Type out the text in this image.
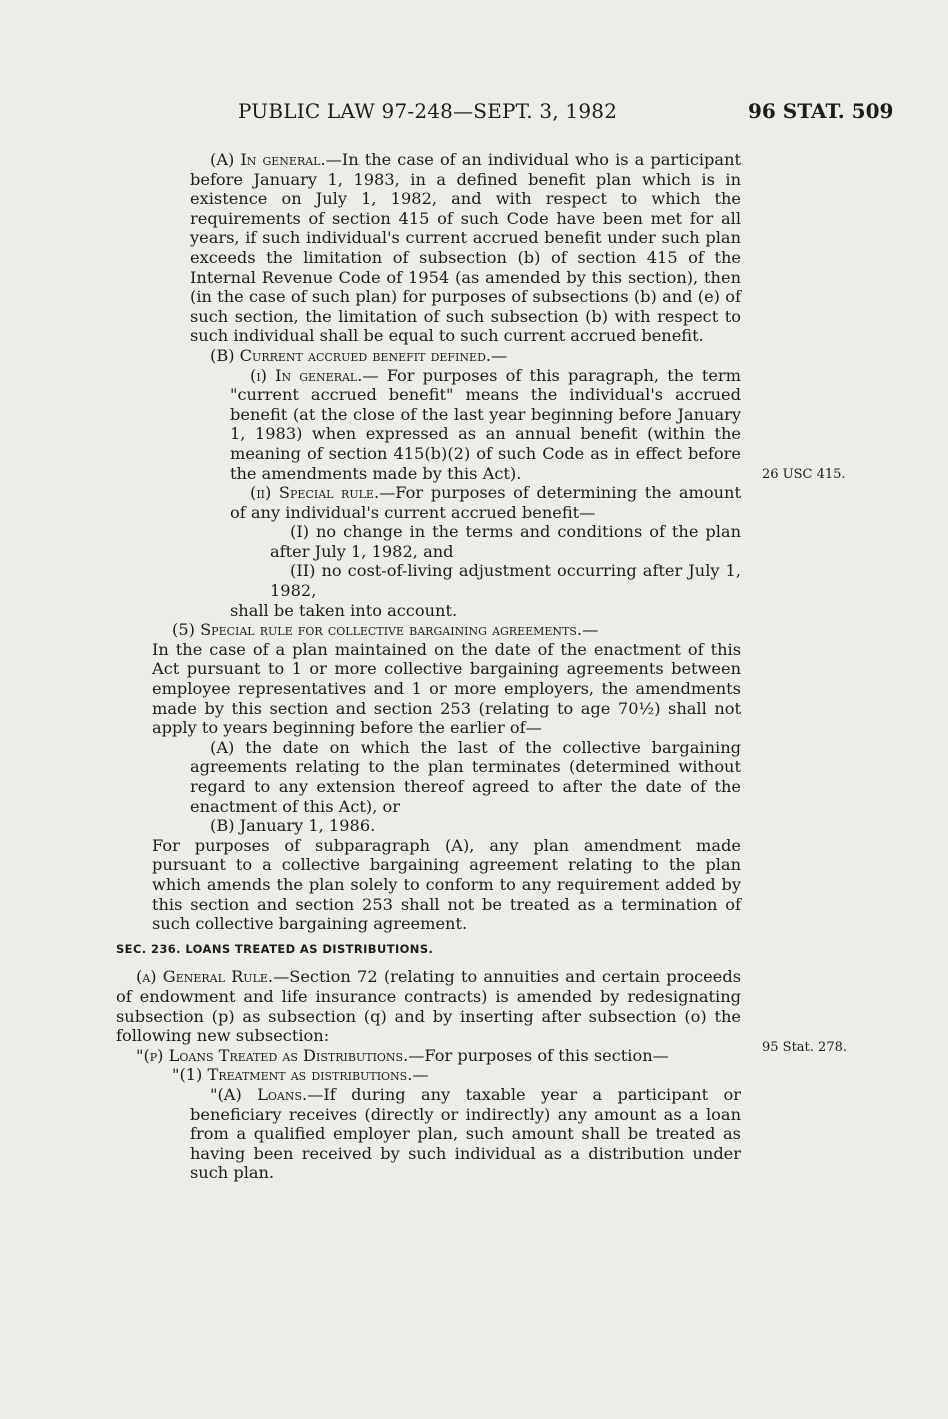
PUBLIC LAW 97-248—SEPT. 3, 1982	96 STAT. 509
26 USC 415.
95 Stat. 278.
(A) In general.—In the case of an individual who is a participant before January 1, 1983, in a defined benefit plan which is in existence on July 1, 1982, and with respect to which the requirements of section 415 of such Code have been met for all years, if such individual's current accrued benefit under such plan exceeds the limitation of subsection (b) of section 415 of the Internal Revenue Code of 1954 (as amended by this section), then (in the case of such plan) for purposes of subsections (b) and (e) of such section, the limitation of such subsection (b) with respect to such individual shall be equal to such current accrued benefit.
(B) Current accrued benefit defined.—
(i) In general.— For purposes of this paragraph, the term "current accrued benefit" means the individual's accrued benefit (at the close of the last year beginning before January 1, 1983) when expressed as an annual benefit (within the meaning of section 415(b)(2) of such Code as in effect before the amendments made by this Act).
(ii) Special rule.—For purposes of determining the amount of any individual's current accrued benefit—
(I) no change in the terms and conditions of the plan after July 1, 1982, and
(II) no cost-of-living adjustment occurring after July 1, 1982,
shall be taken into account.
(5) Special rule for collective bargaining agreements.—
In the case of a plan maintained on the date of the enactment of this Act pursuant to 1 or more collective bargaining agreements between employee representatives and 1 or more employers, the amendments made by this section and section 253 (relating to age 70½) shall not apply to years beginning before the earlier of—
(A) the date on which the last of the collective bargaining agreements relating to the plan terminates (determined without regard to any extension thereof agreed to after the date of the enactment of this Act), or
(B) January 1, 1986.
For purposes of subparagraph (A), any plan amendment made pursuant to a collective bargaining agreement relating to the plan which amends the plan solely to conform to any requirement added by this section and section 253 shall not be treated as a termination of such collective bargaining agreement.
SEC. 236. LOANS TREATED AS DISTRIBUTIONS.
(a) General Rule.—Section 72 (relating to annuities and certain proceeds of endowment and life insurance contracts) is amended by redesignating subsection (p) as subsection (q) and by inserting after subsection (o) the following new subsection:
"(p) Loans Treated as Distributions.—For purposes of this section—
"(1) Treatment as distributions.—
"(A) Loans.—If during any taxable year a participant or beneficiary receives (directly or indirectly) any amount as a loan from a qualified employer plan, such amount shall be treated as having been received by such individual as a distribution under such plan.
